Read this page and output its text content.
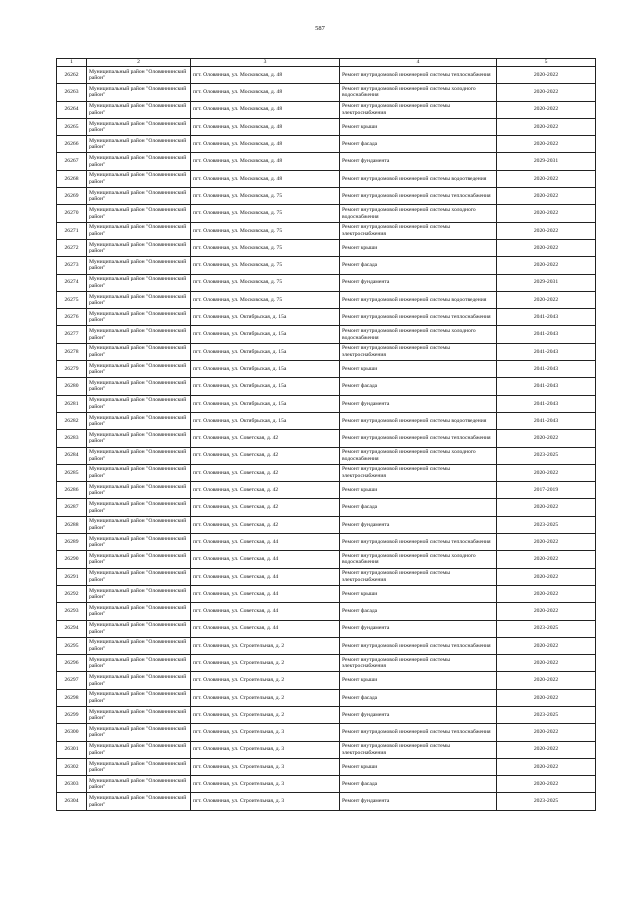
587
1	2	3	4	5
26262	Муниципальный район "Оловяннинский район"	пгт. Оловянная, ул. Московская, д. 48	Ремонт внутридомовой инженерной системы теплоснабжения	2020-2022
26263	Муниципальный район "Оловяннинский район"	пгт. Оловянная, ул. Московская, д. 48	Ремонт внутридомовой инженерной системы холодного водоснабжения	2020-2022
26264	Муниципальный район "Оловяннинский район"	пгт. Оловянная, ул. Московская, д. 48	Ремонт внутридомовой инженерной системы электроснабжения	2020-2022
26265	Муниципальный район "Оловяннинский район"	пгт. Оловянная, ул. Московская, д. 48	Ремонт крыши	2020-2022
26266	Муниципальный район "Оловяннинский район"	пгт. Оловянная, ул. Московская, д. 48	Ремонт фасада	2020-2022
26267	Муниципальный район "Оловяннинский район"	пгт. Оловянная, ул. Московская, д. 48	Ремонт фундамента	2029-2031
26268	Муниципальный район "Оловяннинский район"	пгт. Оловянная, ул. Московская, д. 48	Ремонт внутридомовой инженерной системы водоотведения	2020-2022
26269	Муниципальный район "Оловяннинский район"	пгт. Оловянная, ул. Московская, д. 75	Ремонт внутридомовой инженерной системы теплоснабжения	2020-2022
26270	Муниципальный район "Оловяннинский район"	пгт. Оловянная, ул. Московская, д. 75	Ремонт внутридомовой инженерной системы холодного водоснабжения	2020-2022
26271	Муниципальный район "Оловяннинский район"	пгт. Оловянная, ул. Московская, д. 75	Ремонт внутридомовой инженерной системы электроснабжения	2020-2022
26272	Муниципальный район "Оловяннинский район"	пгт. Оловянная, ул. Московская, д. 75	Ремонт крыши	2020-2022
26273	Муниципальный район "Оловяннинский район"	пгт. Оловянная, ул. Московская, д. 75	Ремонт фасада	2020-2022
26274	Муниципальный район "Оловяннинский район"	пгт. Оловянная, ул. Московская, д. 75	Ремонт фундамента	2029-2031
26275	Муниципальный район "Оловяннинский район"	пгт. Оловянная, ул. Московская, д. 75	Ремонт внутридомовой инженерной системы водоотведения	2020-2022
26276	Муниципальный район "Оловяннинский район"	пгт. Оловянная, ул. Октябрьская, д. 15а	Ремонт внутридомовой инженерной системы теплоснабжения	2041-2043
26277	Муниципальный район "Оловяннинский район"	пгт. Оловянная, ул. Октябрьская, д. 15а	Ремонт внутридомовой инженерной системы холодного водоснабжения	2041-2043
26278	Муниципальный район "Оловяннинский район"	пгт. Оловянная, ул. Октябрьская, д. 15а	Ремонт внутридомовой инженерной системы электроснабжения	2041-2043
26279	Муниципальный район "Оловяннинский район"	пгт. Оловянная, ул. Октябрьская, д. 15а	Ремонт крыши	2041-2043
26280	Муниципальный район "Оловяннинский район"	пгт. Оловянная, ул. Октябрьская, д. 15а	Ремонт фасада	2041-2043
26281	Муниципальный район "Оловяннинский район"	пгт. Оловянная, ул. Октябрьская, д. 15а	Ремонт фундамента	2041-2043
26282	Муниципальный район "Оловяннинский район"	пгт. Оловянная, ул. Октябрьская, д. 15а	Ремонт внутридомовой инженерной системы водоотведения	2041-2043
26283	Муниципальный район "Оловяннинский район"	пгт. Оловянная, ул. Советская, д. 42	Ремонт внутридомовой инженерной системы теплоснабжения	2020-2022
26284	Муниципальный район "Оловяннинский район"	пгт. Оловянная, ул. Советская, д. 42	Ремонт внутридомовой инженерной системы холодного водоснабжения	2023-2025
26285	Муниципальный район "Оловяннинский район"	пгт. Оловянная, ул. Советская, д. 42	Ремонт внутридомовой инженерной системы электроснабжения	2020-2022
26286	Муниципальный район "Оловяннинский район"	пгт. Оловянная, ул. Советская, д. 42	Ремонт крыши	2017-2019
26287	Муниципальный район "Оловяннинский район"	пгт. Оловянная, ул. Советская, д. 42	Ремонт фасада	2020-2022
26288	Муниципальный район "Оловяннинский район"	пгт. Оловянная, ул. Советская, д. 42	Ремонт фундамента	2023-2025
26289	Муниципальный район "Оловяннинский район"	пгт. Оловянная, ул. Советская, д. 44	Ремонт внутридомовой инженерной системы теплоснабжения	2020-2022
26290	Муниципальный район "Оловяннинский район"	пгт. Оловянная, ул. Советская, д. 44	Ремонт внутридомовой инженерной системы холодного водоснабжения	2020-2022
26291	Муниципальный район "Оловяннинский район"	пгт. Оловянная, ул. Советская, д. 44	Ремонт внутридомовой инженерной системы электроснабжения	2020-2022
26292	Муниципальный район "Оловяннинский район"	пгт. Оловянная, ул. Советская, д. 44	Ремонт крыши	2020-2022
26293	Муниципальный район "Оловяннинский район"	пгт. Оловянная, ул. Советская, д. 44	Ремонт фасада	2020-2022
26294	Муниципальный район "Оловяннинский район"	пгт. Оловянная, ул. Советская, д. 44	Ремонт фундамента	2023-2025
26295	Муниципальный район "Оловяннинский район"	пгт. Оловянная, ул. Строительная, д. 2	Ремонт внутридомовой инженерной системы теплоснабжения	2020-2022
26296	Муниципальный район "Оловяннинский район"	пгт. Оловянная, ул. Строительная, д. 2	Ремонт внутридомовой инженерной системы электроснабжения	2020-2022
26297	Муниципальный район "Оловяннинский район"	пгт. Оловянная, ул. Строительная, д. 2	Ремонт крыши	2020-2022
26298	Муниципальный район "Оловяннинский район"	пгт. Оловянная, ул. Строительная, д. 2	Ремонт фасада	2020-2022
26299	Муниципальный район "Оловяннинский район"	пгт. Оловянная, ул. Строительная, д. 2	Ремонт фундамента	2023-2025
26300	Муниципальный район "Оловяннинский район"	пгт. Оловянная, ул. Строительная, д. 3	Ремонт внутридомовой инженерной системы теплоснабжения	2020-2022
26301	Муниципальный район "Оловяннинский район"	пгт. Оловянная, ул. Строительная, д. 3	Ремонт внутридомовой инженерной системы электроснабжения	2020-2022
26302	Муниципальный район "Оловяннинский район"	пгт. Оловянная, ул. Строительная, д. 3	Ремонт крыши	2020-2022
26303	Муниципальный район "Оловяннинский район"	пгт. Оловянная, ул. Строительная, д. 3	Ремонт фасада	2020-2022
26304	Муниципальный район "Оловяннинский район"	пгт. Оловянная, ул. Строительная, д. 3	Ремонт фундамента	2023-2025
